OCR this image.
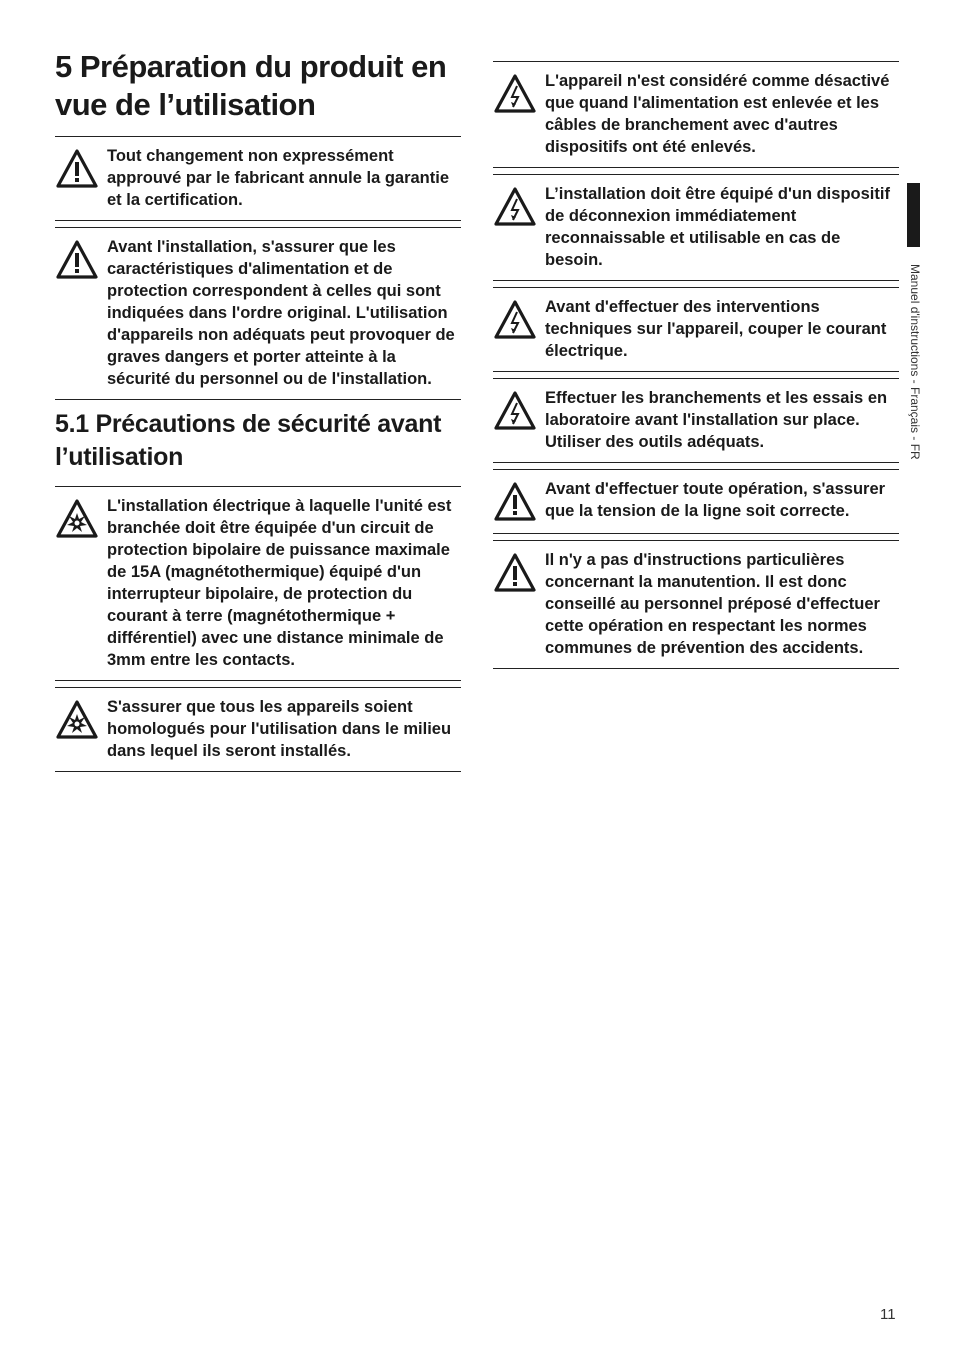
5 Préparation du produit en vue de l’utilisation

Tout changement non expressément approuvé par le fabricant annule la garantie et la certification.

Avant l'installation, s'assurer que les caractéristiques d'alimentation et de protection correspondent à celles qui sont indiquées dans l'ordre original. L'utilisation d'appareils non adéquats peut provoquer de graves dangers et porter atteinte à la sécurité du personnel ou de l'installation.

5.1 Précautions de sécurité avant l’utilisation

L'installation électrique à laquelle l'unité est branchée doit être équipée d'un circuit de protection bipolaire de puissance maximale de 15A (magnétothermique) équipé d'un interrupteur bipolaire, de protection du courant à terre (magnétothermique + différentiel) avec une distance minimale de 3mm entre les contacts.

S'assurer que tous les appareils soient homologués pour l'utilisation dans le milieu dans lequel ils seront installés.

L'appareil n'est considéré comme désactivé que quand l'alimentation est enlevée et les câbles de branchement avec d'autres dispositifs ont été enlevés.

L’installation doit être équipé d'un dispositif de déconnexion immédiatement reconnaissable et utilisable en cas de besoin.

Avant d'effectuer des interventions techniques sur l'appareil, couper le courant électrique.

Effectuer les branchements et les essais en laboratoire avant l'installation sur place. Utiliser des outils adéquats.

Avant d'effectuer toute opération, s'assurer que la tension de la ligne soit correcte.

Il n'y a pas d'instructions particulières concernant la manutention. Il est donc conseillé au personnel préposé d'effectuer cette opération en respectant les normes communes de prévention des accidents.

Manuel d'instructions - Français - FR
11
